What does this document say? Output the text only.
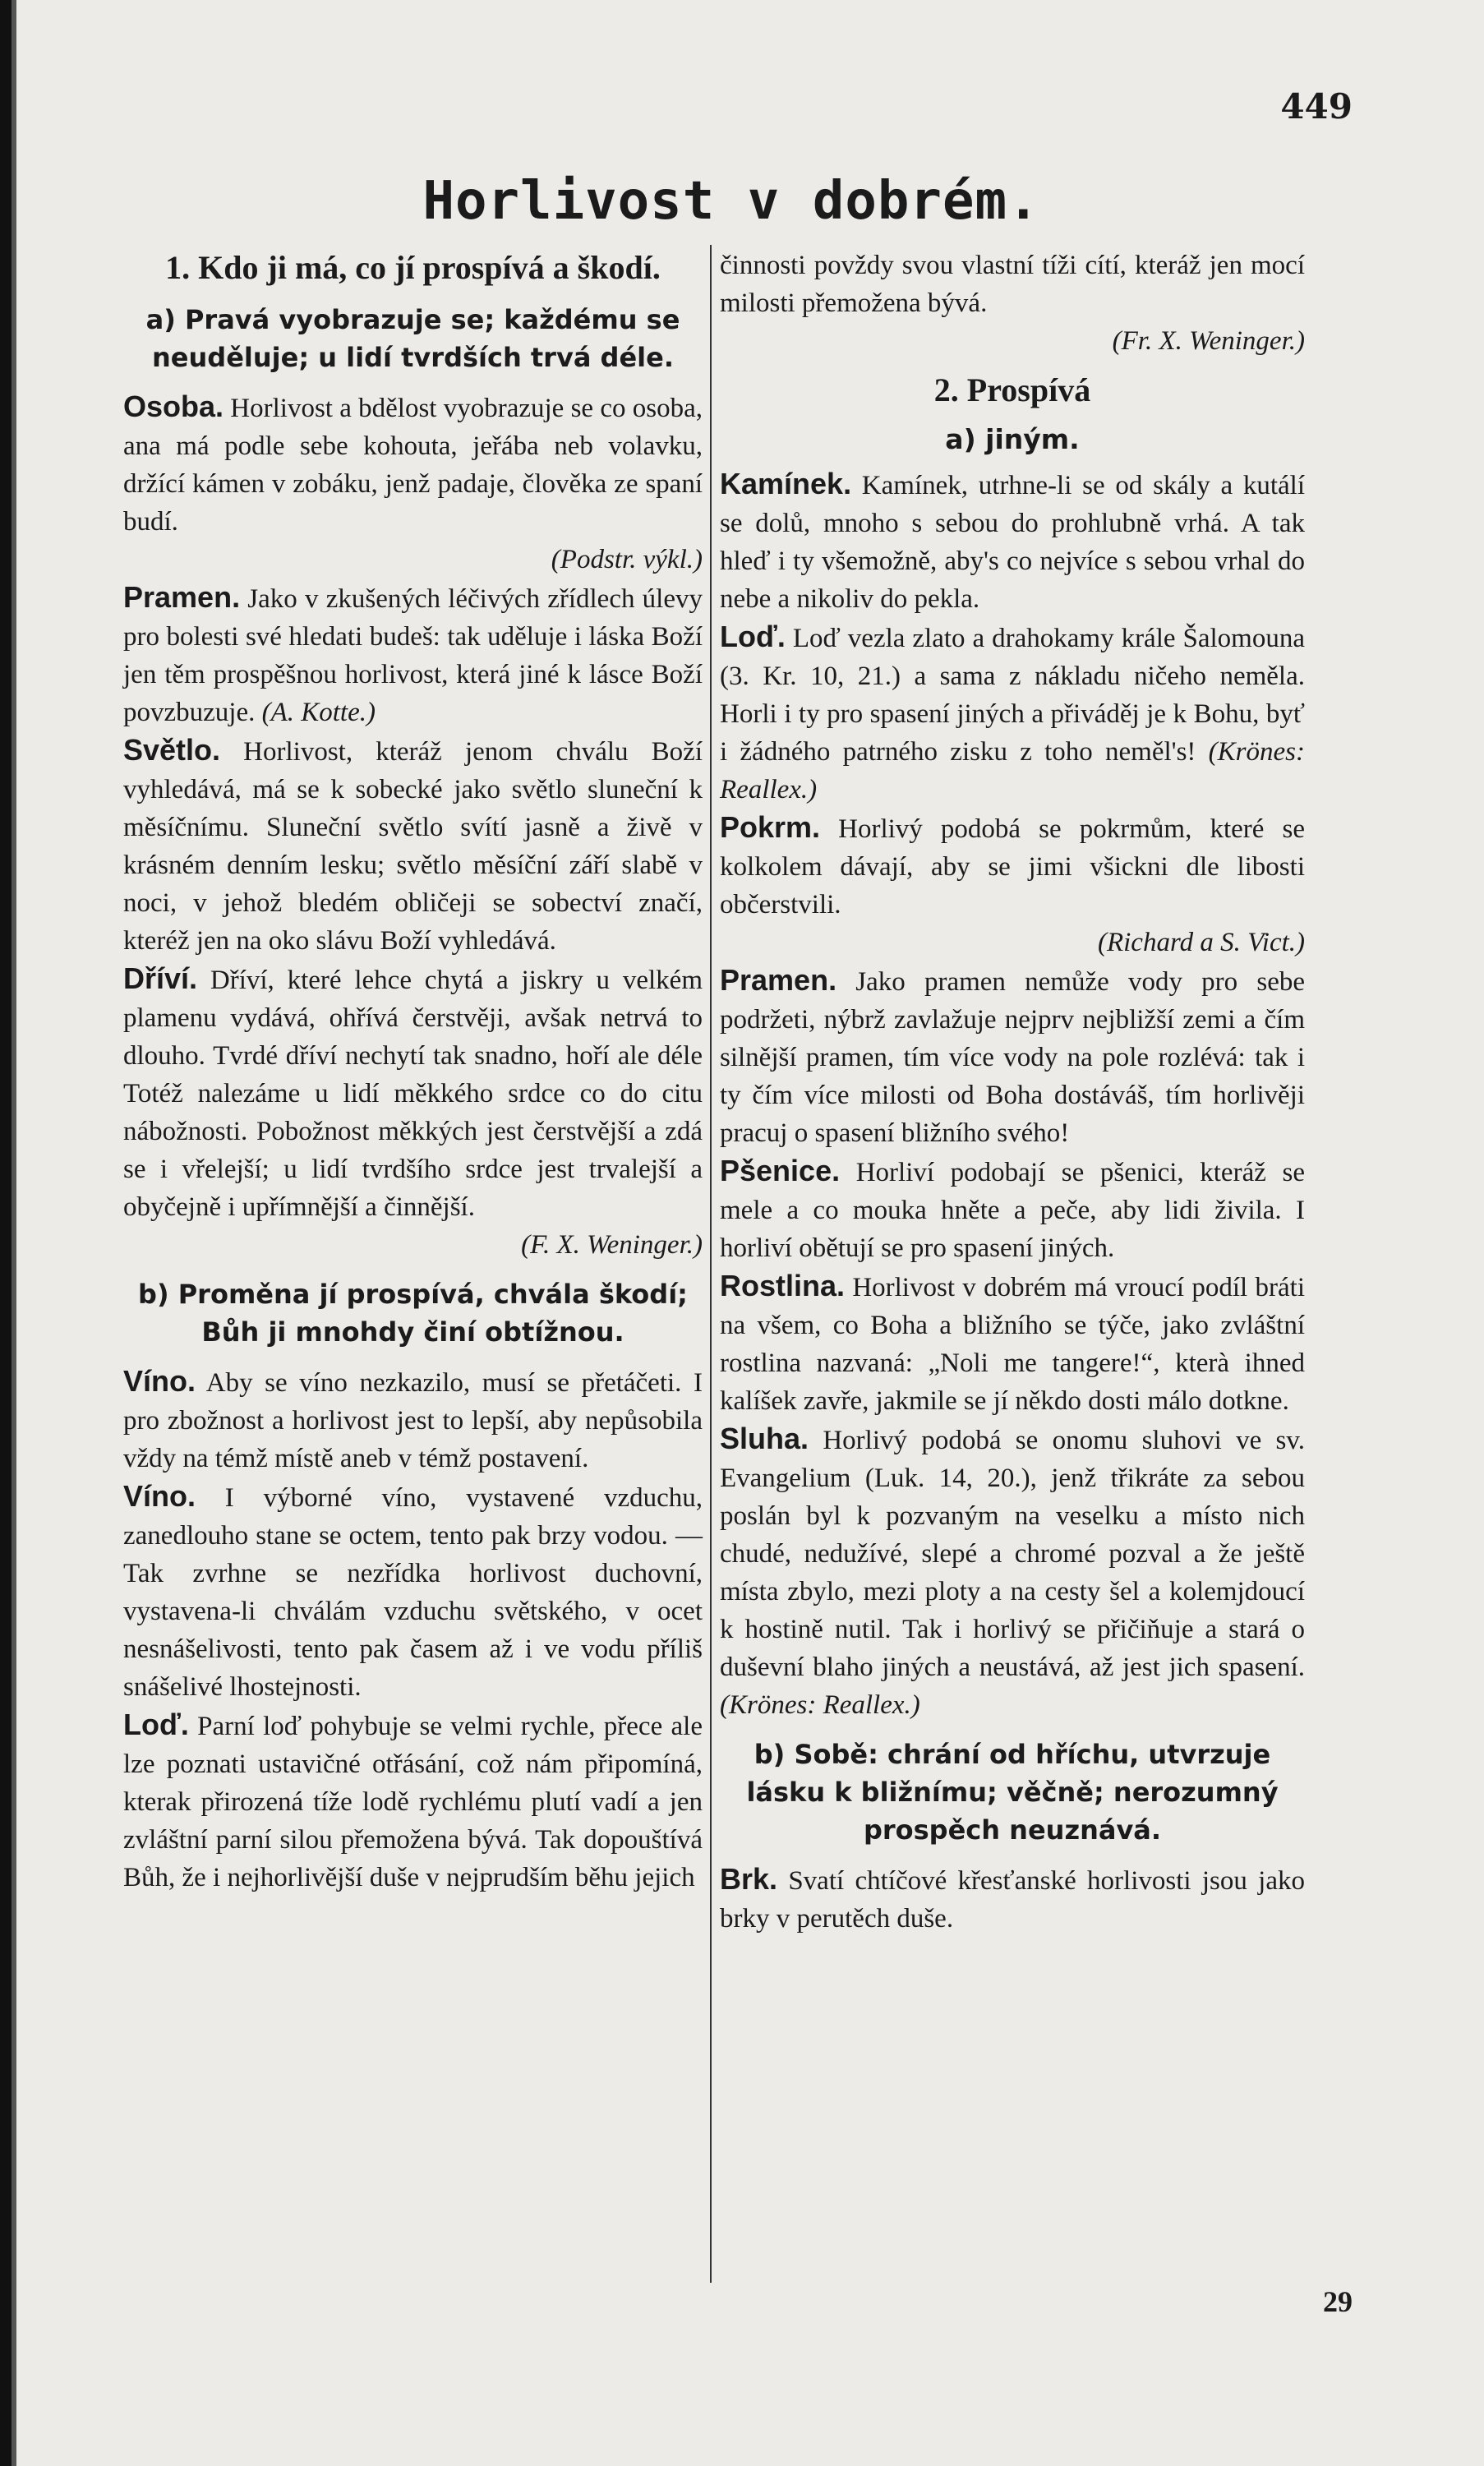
449
Horlivost v dobrém.
1. Kdo ji má, co jí prospívá a škodí.
a) Pravá vyobrazuje se; každému se neuděluje; u lidí tvrdších trvá déle.

Osoba. Horlivost a bdělost vyobrazuje se co osoba, ana má podle sebe kohouta, jeřába neb volavku, držící kámen v zobáku, jenž padaje, člověka ze spaní budí.

(Podstr. výkl.)

Pramen. Jako v zkušených léčivých zřídlech úlevy pro bolesti své hledati budeš: tak uděluje i láska Boží jen těm prospěšnou horlivost, která jiné k lásce Boží povzbuzuje. (A. Kotte.)

Světlo. Horlivost, kteráž jenom chválu Boží vyhledává, má se k sobecké jako světlo sluneční k měsíčnímu. Sluneční světlo svítí jasně a živě v krásném denním lesku; světlo měsíční září slabě v noci, v jehož bledém obličeji se sobectví značí, kteréž jen na oko slávu Boží vyhledává.

Dříví. Dříví, které lehce chytá a jiskry u velkém plamenu vydává, ohřívá čerstvěji, avšak netrvá to dlouho. Tvrdé dříví nechytí tak snadno, hoří ale déle Totéž nalezáme u lidí měkkého srdce co do citu nábožnosti. Pobožnost měkkých jest čerstvější a zdá se i vřelejší; u lidí tvrdšího srdce jest trvalejší a obyčejně i upřímnější a činnější.

(F. X. Weninger.)

b) Proměna jí prospívá, chvála škodí; Bůh ji mnohdy činí obtížnou.

Víno. Aby se víno nezkazilo, musí se přetáčeti. I pro zbožnost a horlivost jest to lepší, aby nepůsobila vždy na témž místě aneb v témž postavení.

Víno. I výborné víno, vystavené vzduchu, zanedlouho stane se octem, tento pak brzy vodou. — Tak zvrhne se nezřídka horlivost duchovní, vystavena-li chválám vzduchu světského, v ocet nesnášelivosti, tento pak časem až i ve vodu příliš snášelivé lhostejnosti.

Loď. Parní loď pohybuje se velmi rychle, přece ale lze poznati ustavičné otřásání, což nám připomíná, kterak přirozená tíže lodě rychlému plutí vadí a jen zvláštní parní silou přemožena bývá. Tak dopouštívá Bůh, že i nejhorlivější duše v nejprudším běhu jejich

činnosti povždy svou vlastní tíži cítí, kteráž jen mocí milosti přemožena bývá.

(Fr. X. Weninger.)

2. Prospívá
a) jiným.

Kamínek. Kamínek, utrhne-li se od skály a kutálí se dolů, mnoho s sebou do prohlubně vrhá. A tak hleď i ty všemožně, aby's co nejvíce s sebou vrhal do nebe a nikoliv do pekla.

Loď. Loď vezla zlato a drahokamy krále Šalomouna (3. Kr. 10, 21.) a sama z nákladu ničeho neměla. Horli i ty pro spasení jiných a přiváděj je k Bohu, byť i žádného patrného zisku z toho neměl's! (Krönes: Reallex.)

Pokrm. Horlivý podobá se pokrmům, které se kolkolem dávají, aby se jimi všickni dle libosti občerstvili.

(Richard a S. Vict.)

Pramen. Jako pramen nemůže vody pro sebe podržeti, nýbrž zavlažuje nejprv nejbližší zemi a čím silnější pramen, tím více vody na pole rozlévá: tak i ty čím více milosti od Boha dostáváš, tím horlivěji pracuj o spasení bližního svého!

Pšenice. Horliví podobají se pšenici, kteráž se mele a co mouka hněte a peče, aby lidi živila. I horliví obětují se pro spasení jiných.

Rostlina. Horlivost v dobrém má vroucí podíl bráti na všem, co Boha a bližního se týče, jako zvláštní rostlina nazvaná: „Noli me tangere!“, kterà ihned kalíšek zavře, jakmile se jí někdo dosti málo dotkne.

Sluha. Horlivý podobá se onomu sluhovi ve sv. Evangelium (Luk. 14, 20.), jenž třikráte za sebou poslán byl k pozvaným na veselku a místo nich chudé, nedužívé, slepé a chromé pozval a že ještě místa zbylo, mezi ploty a na cesty šel a kolemjdoucí k hostině nutil. Tak i horlivý se přičiňuje a stará o duševní blaho jiných a neustává, až jest jich spasení. (Krönes: Reallex.)

b) Sobě: chrání od hříchu, utvrzuje lásku k bližnímu; věčně; nerozumný prospěch neuznává.

Brk. Svatí chtíčové křesťanské horlivosti jsou jako brky v perutěch duše.

29
